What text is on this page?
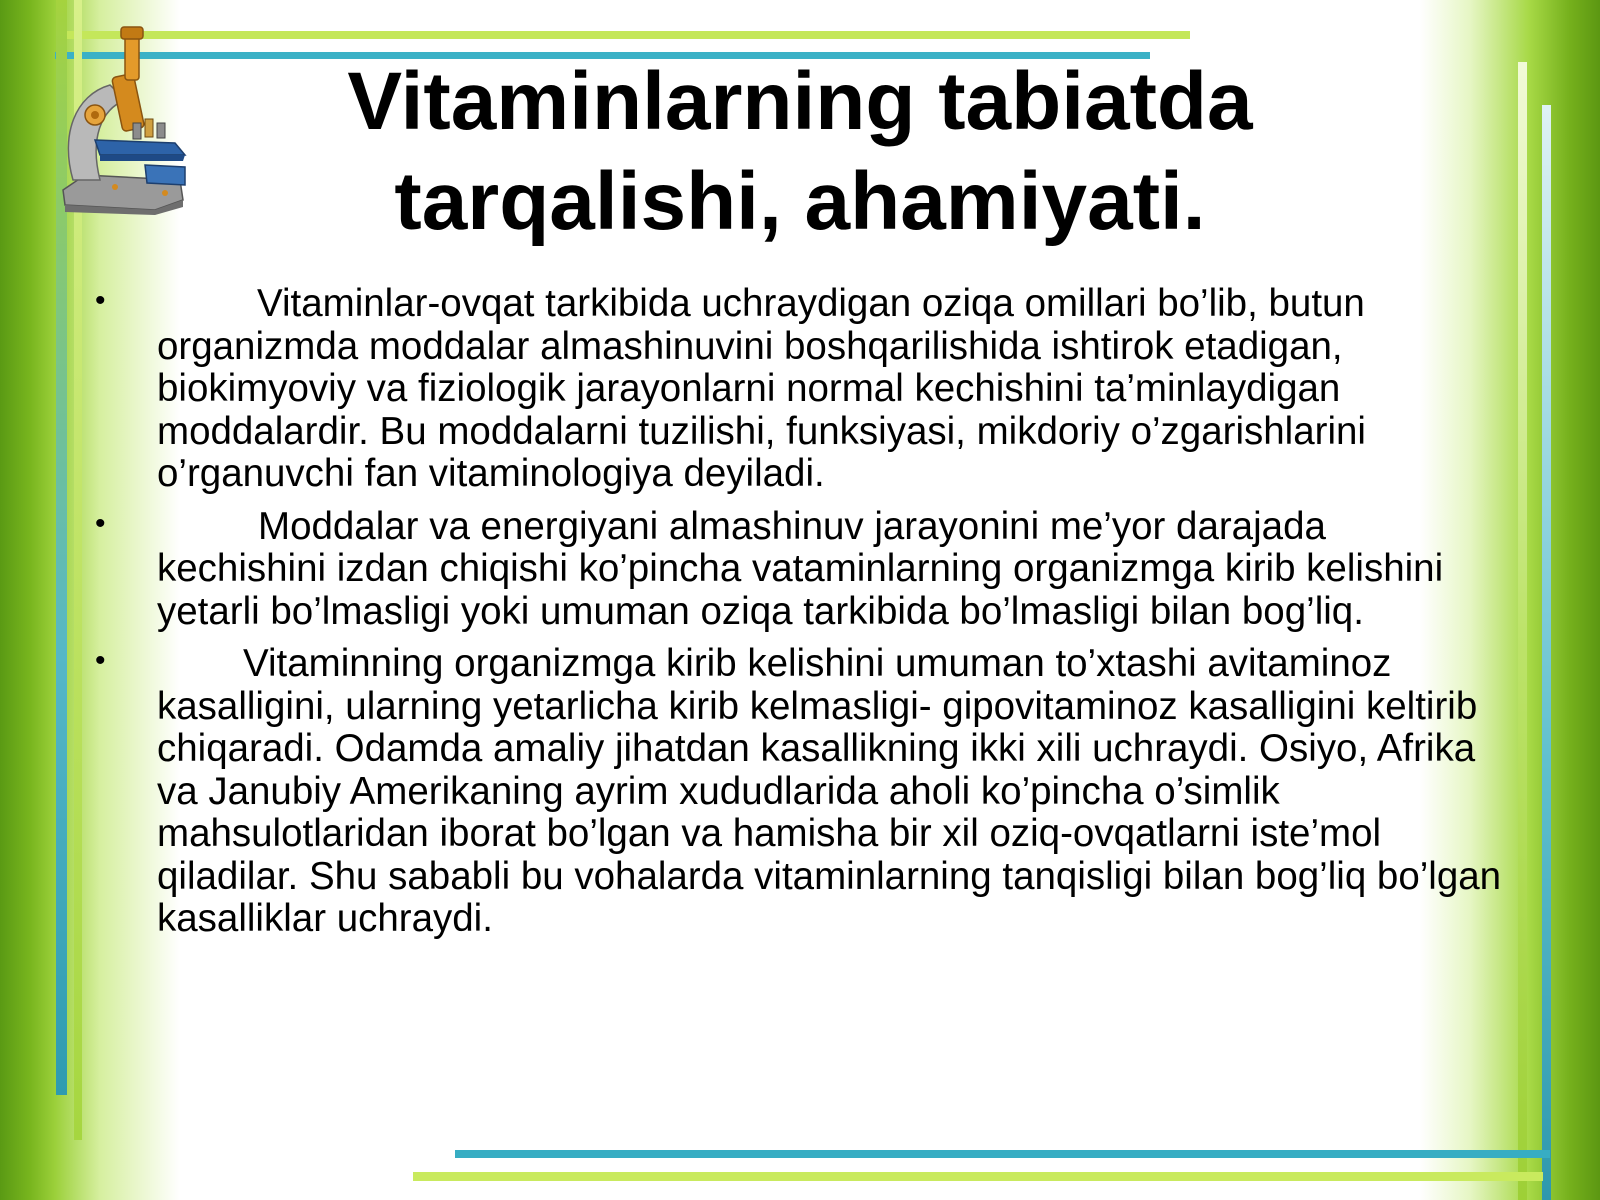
Vitaminlarning tabiatda tarqalishi, ahamiyati.
•	Vitaminlar-ovqat tarkibida uchraydigan oziqa omillari bo’lib, butun organizmda moddalar almashinuvini boshqarilishida ishtirok etadigan, biokimyoviy va fiziologik jarayonlarni normal kechishini ta’minlaydigan moddalardir. Bu moddalarni tuzilishi, funksiyasi, mikdoriy o’zgarishlarini o’rganuvchi fan vitaminologiya deyiladi.
•	Moddalar va energiyani almashinuv jarayonini me’yor darajada kechishini izdan chiqishi ko’pincha vataminlarning organizmga kirib kelishini yetarli bo’lmasligi yoki umuman oziqa tarkibida bo’lmasligi bilan bog’liq.
•	Vitaminning organizmga kirib kelishini umuman to’xtashi avitaminoz kasalligini, ularning yetarlicha kirib kelmasligi- gipovitaminoz kasalligini keltirib chiqaradi. Odamda amaliy jihatdan kasallikning ikki xili uchraydi. Osiyo, Afrika va Janubiy Amerikaning ayrim xududlarida aholi ko’pincha o’simlik mahsulotlaridan iborat bo’lgan va hamisha bir xil oziq-ovqatlarni iste’mol qiladilar. Shu sababli bu vohalarda vitaminlarning tanqisligi bilan bog’liq bo’lgan kasalliklar uchraydi.
